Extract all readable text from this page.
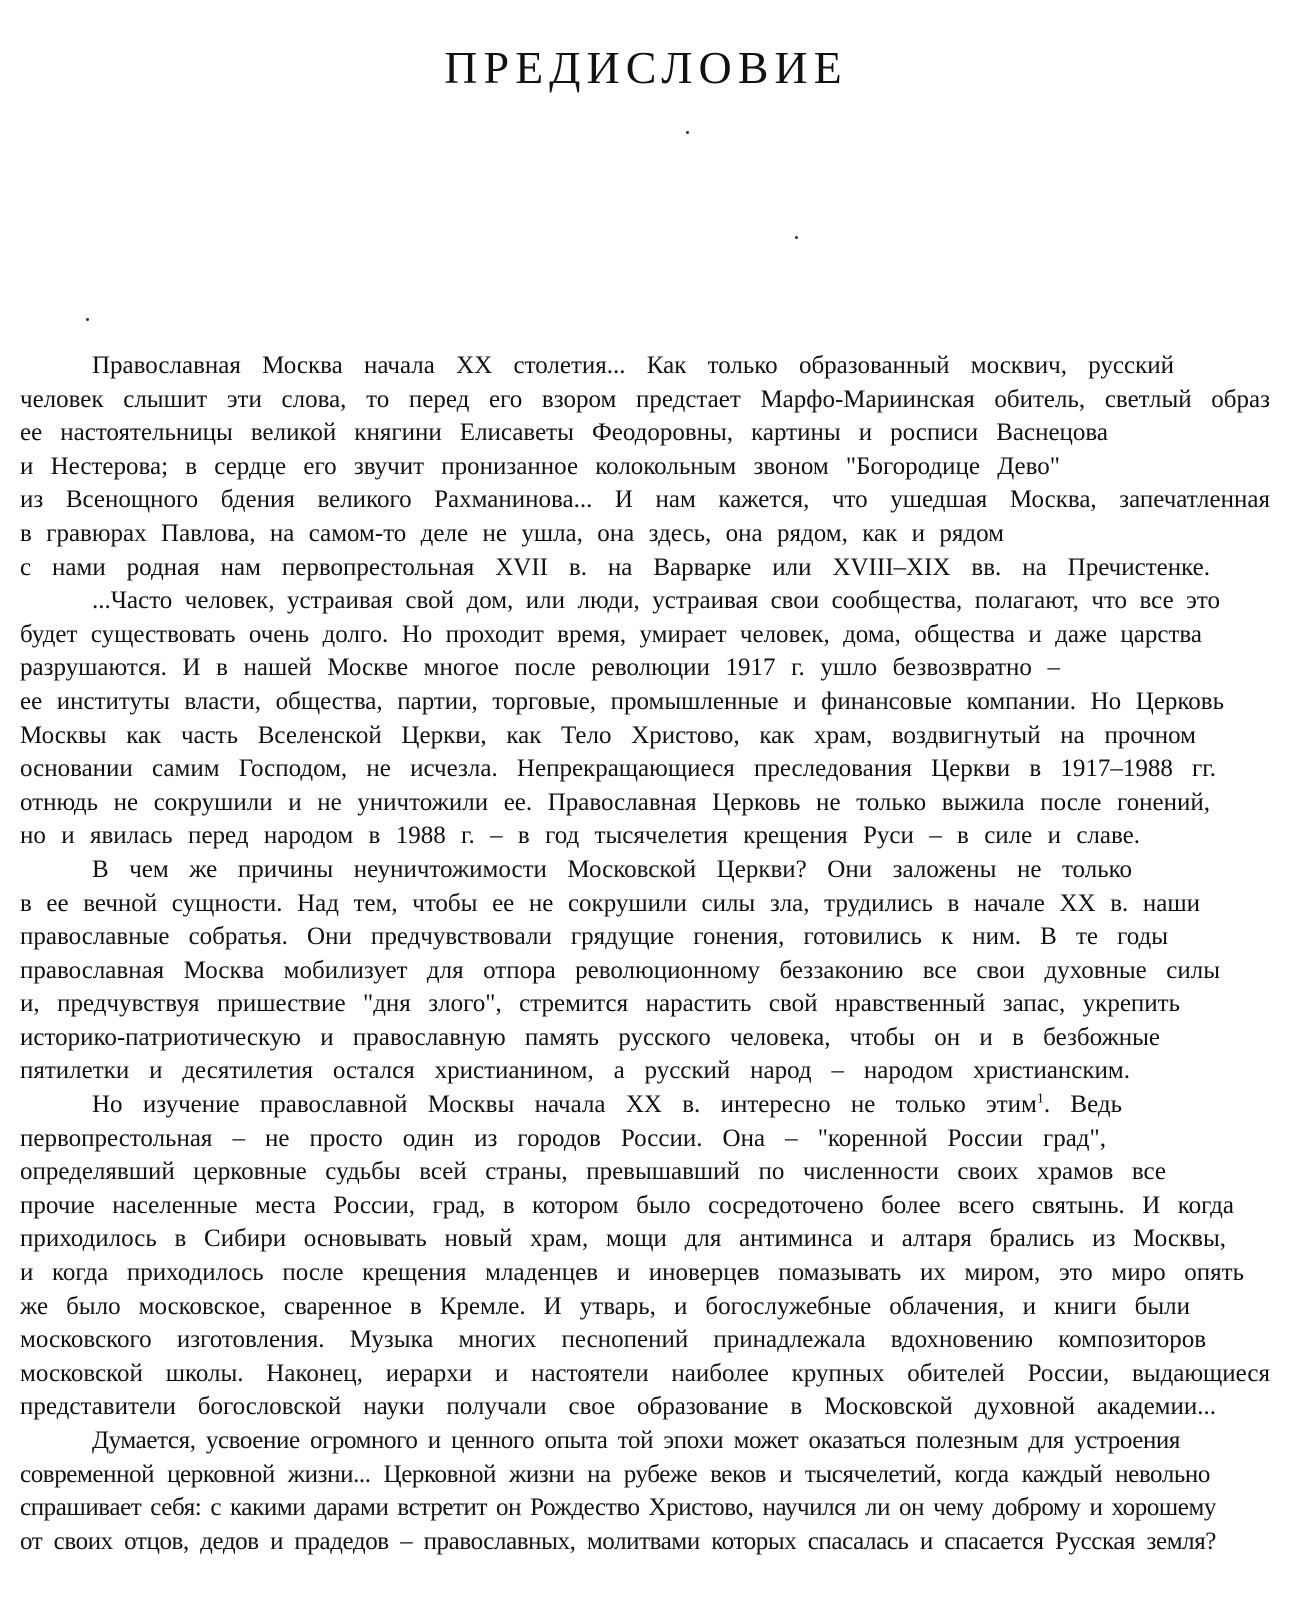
ПРЕДИСЛОВИЕ
Православная Москва начала XX столетия... Как только образованный москвич, русский
человек слышит эти слова, то перед его взором предстает Марфо-Мариинская обитель, светлый образ
ее настоятельницы великой княгини Елисаветы Феодоровны, картины и росписи Васнецова
и Нестерова; в сердце его звучит пронизанное колокольным звоном "Богородице Дево"
из Всенощного бдения великого Рахманинова... И нам кажется, что ушедшая Москва, запечатленная
в гравюрах Павлова, на самом-то деле не ушла, она здесь, она рядом, как и рядом
с нами родная нам первопрестольная XVII в. на Варварке или XVIII–XIX вв. на Пречистенке.
...Часто человек, устраивая свой дом, или люди, устраивая свои сообщества, полагают, что все это
будет существовать очень долго. Но проходит время, умирает человек, дома, общества и даже царства
разрушаются. И в нашей Москве многое после революции 1917 г. ушло безвозвратно –
ее институты власти, общества, партии, торговые, промышленные и финансовые компании. Но Церковь
Москвы как часть Вселенской Церкви, как Тело Христово, как храм, воздвигнутый на прочном
основании самим Господом, не исчезла. Непрекращающиеся преследования Церкви в 1917–1988 гг.
отнюдь не сокрушили и не уничтожили ее. Православная Церковь не только выжила после гонений,
но и явилась перед народом в 1988 г. – в год тысячелетия крещения Руси – в силе и славе.
В чем же причины неуничтожимости Московской Церкви? Они заложены не только
в ее вечной сущности. Над тем, чтобы ее не сокрушили силы зла, трудились в начале XX в. наши
православные собратья. Они предчувствовали грядущие гонения, готовились к ним. В те годы
православная Москва мобилизует для отпора революционному беззаконию все свои духовные силы
и, предчувствуя пришествие "дня злого", стремится нарастить свой нравственный запас, укрепить
историко-патриотическую и православную память русского человека, чтобы он и в безбожные
пятилетки и десятилетия остался христианином, а русский народ – народом христианским.
Но изучение православной Москвы начала XX в. интересно не только этим$^1$. Ведь
первопрестольная – не просто один из городов России. Она – "коренной России град",
определявший церковные судьбы всей страны, превышавший по численности своих храмов все
прочие населенные места России, град, в котором было сосредоточено более всего святынь. И когда
приходилось в Сибири основывать новый храм, мощи для антиминса и алтаря брались из Москвы,
и когда приходилось после крещения младенцев и иноверцев помазывать их миром, это миро опять
же было московское, сваренное в Кремле. И утварь, и богослужебные облачения, и книги были
московского изготовления. Музыка многих песнопений принадлежала вдохновению композиторов
московской школы. Наконец, иерархи и настоятели наиболее крупных обителей России, выдающиеся
представители богословской науки получали свое образование в Московской духовной академии...
Думается, усвоение огромного и ценного опыта той эпохи может оказаться полезным для устроения
современной церковной жизни... Церковной жизни на рубеже веков и тысячелетий, когда каждый невольно
спрашивает себя: с какими дарами встретит он Рождество Христово, научился ли он чему доброму и хорошему
от своих отцов, дедов и прадедов – православных, молитвами которых спасалась и спасается Русская земля?
